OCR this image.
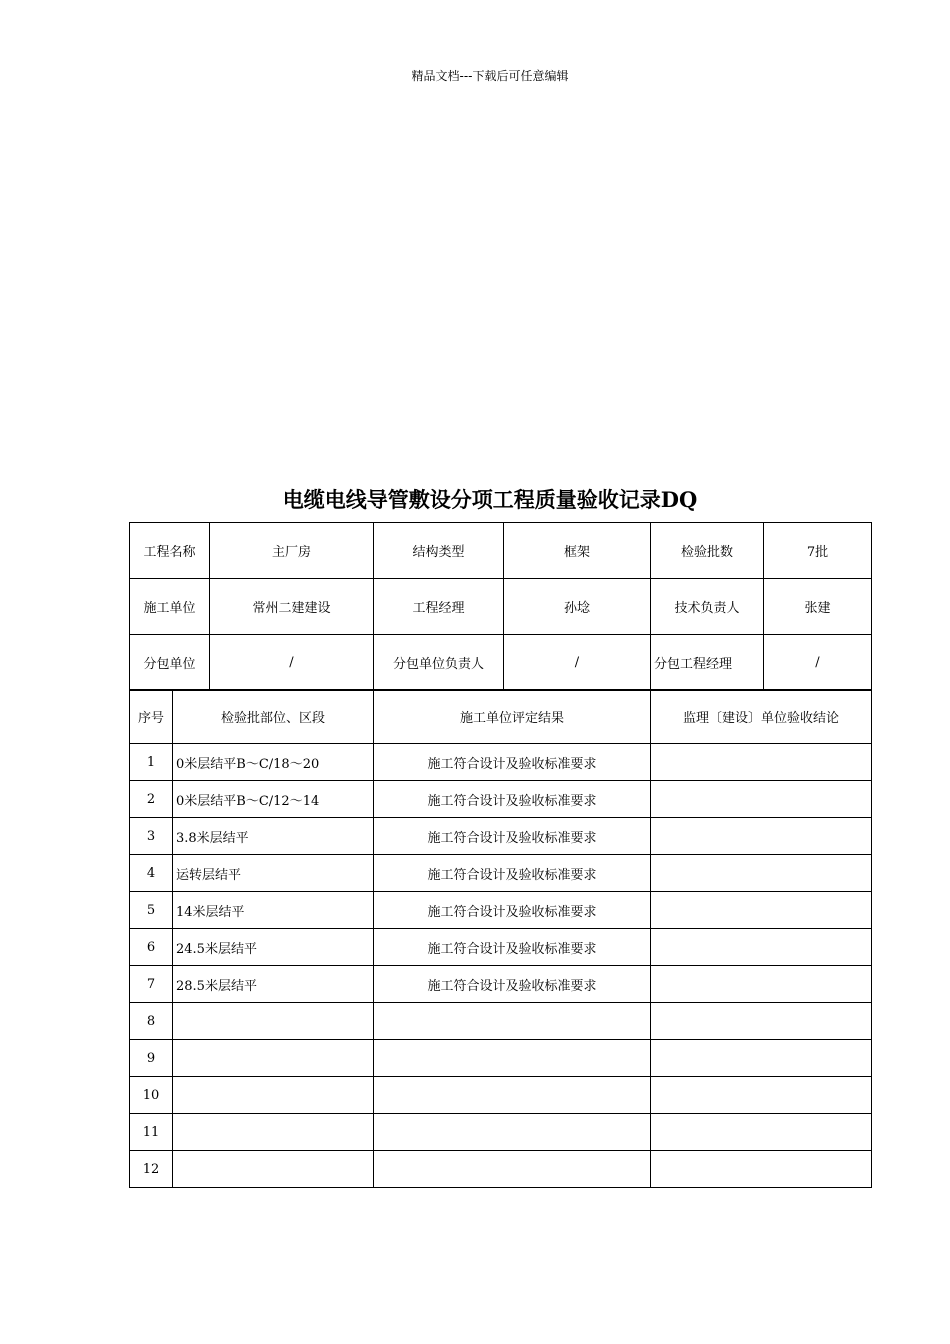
精品文档---下载后可任意编辑
电缆电线导管敷设分项工程质量验收记录DQ
工程名称	主厂房	结构类型	框架	检验批数	7批
施工单位	常州二建建设	工程经理	孙埝	技术负责人	张建
分包单位	/	分包单位负责人	/	分包工程经理	/
序号	检验批部位、区段	施工单位评定结果	监理〔建设〕单位验收结论
1	0米层结平B～C/18～20	施工符合设计及验收标准要求	
2	0米层结平B～C/12～14	施工符合设计及验收标准要求	
3	3.8米层结平	施工符合设计及验收标准要求	
4	运转层结平	施工符合设计及验收标准要求	
5	14米层结平	施工符合设计及验收标准要求	
6	24.5米层结平	施工符合设计及验收标准要求	
7	28.5米层结平	施工符合设计及验收标准要求	
8			
9			
10			
11			
12			
